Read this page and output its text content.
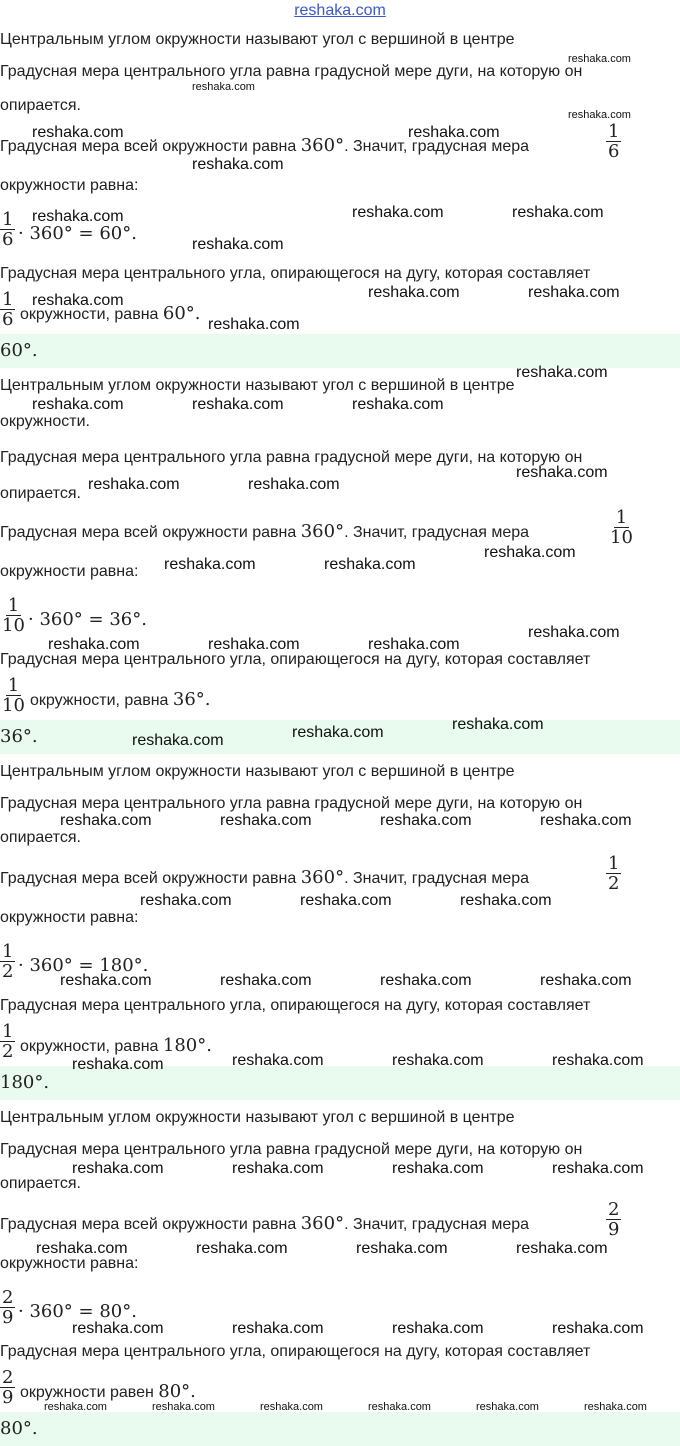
reshaka.com

Центральным углом окружности называют угол с вершиной в центре

Градусная мера центрального угла равна градусной мере дуги, на которую он

опирается.

Градусная мера всей окружности равна 360°. Значит, градусная мера	$\frac{1}{6}$

окружности равна:

$\frac{1}{6} \cdot 360^\circ = 60^\circ$.

Градусная мера центрального угла, опирающегося на дугу, которая составляет

$\frac{1}{6}$ окружности, равна 60°.

60°.

Центральным углом окружности называют угол с вершиной в центре

окружности.

Градусная мера центрального угла равна градусной мере дуги, на которую он

опирается.

Градусная мера всей окружности равна 360°. Значит, градусная мера	$\frac{1}{10}$

окружности равна:

$\frac{1}{10} \cdot 360^\circ = 36^\circ$.

Градусная мера центрального угла, опирающегося на дугу, которая составляет

$\frac{1}{10}$ окружности, равна 36°.

36°.

Центральным углом окружности называют угол с вершиной в центре

Градусная мера центрального угла равна градусной мере дуги, на которую он

опирается.

Градусная мера всей окружности равна 360°. Значит, градусная мера	$\frac{1}{2}$

окружности равна:

$\frac{1}{2} \cdot 360^\circ = 180^\circ$.

Градусная мера центрального угла, опирающегося на дугу, которая составляет

$\frac{1}{2}$ окружности, равна 180°.

180°.

Центральным углом окружности называют угол с вершиной в центре

Градусная мера центрального угла равна градусной мере дуги, на которую он

опирается.

Градусная мера всей окружности равна 360°. Значит, градусная мера	$\frac{2}{9}$

окружности равна:

$\frac{2}{9} \cdot 360^\circ = 80^\circ$.

Градусная мера центрального угла, опирающегося на дугу, которая составляет

$\frac{2}{9}$ окружности равен 80°.

80°.
reshaka.com
reshaka.com
reshaka.com
reshaka.com	reshaka.com
reshaka.com
reshaka.com	reshaka.com	reshaka.com
reshaka.com
reshaka.com	reshaka.com	reshaka.com
reshaka.com
reshaka.com
reshaka.com	reshaka.com	reshaka.com
reshaka.com
reshaka.com	reshaka.com
reshaka.com
reshaka.com	reshaka.com
reshaka.com
reshaka.com	reshaka.com	reshaka.com
reshaka.com
reshaka.com
reshaka.com
reshaka.com	reshaka.com	reshaka.com	reshaka.com
reshaka.com	reshaka.com	reshaka.com
reshaka.com	reshaka.com	reshaka.com	reshaka.com
reshaka.com	reshaka.com	reshaka.com
reshaka.com
reshaka.com	reshaka.com	reshaka.com	reshaka.com
reshaka.com	reshaka.com	reshaka.com	reshaka.com
reshaka.com	reshaka.com	reshaka.com	reshaka.com
reshaka.com	reshaka.com	reshaka.com	reshaka.com	reshaka.com	reshaka.com
